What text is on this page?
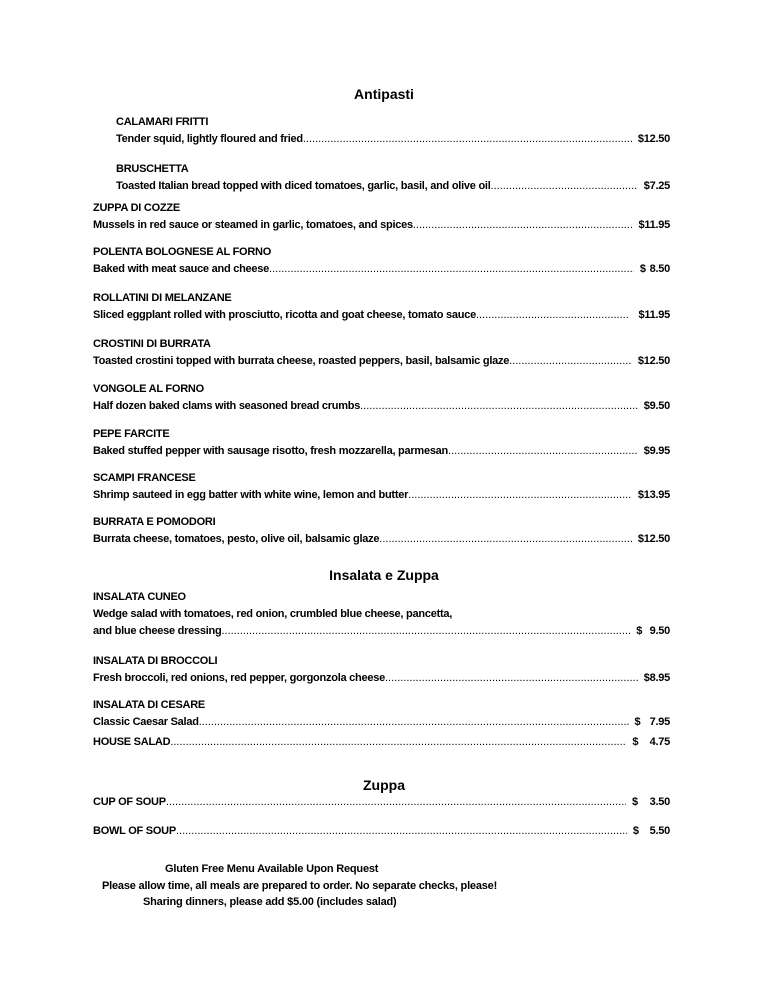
Antipasti
Insalata e Zuppa
Zuppa
CALAMARI FRITTI
Tender squid, lightly floured and fried .....	$ 12.50
BRUSCHETTA
Toasted Italian bread topped with diced tomatoes, garlic, basil, and olive oil .....	$ 7.25
ZUPPA DI COZZE
Mussels in red sauce or steamed in garlic, tomatoes, and spices .....	$ 11.95
POLENTA BOLOGNESE AL FORNO
Baked with meat sauce and cheese .....	$ 8.50
ROLLATINI DI MELANZANE
Sliced eggplant rolled with prosciutto, ricotta and goat cheese, tomato sauce .....	$11.95
CROSTINI DI BURRATA
Toasted crostini topped with burrata cheese, roasted peppers, basil, balsamic glaze .....	$ 12.50
VONGOLE AL FORNO
Half dozen baked clams with seasoned bread crumbs .....	$ 9.50
PEPE FARCITE
Baked stuffed pepper with sausage risotto, fresh mozzarella, parmesan .....	$ 9.95
SCAMPI FRANCESE
Shrimp sauteed in egg batter with white wine, lemon and butter .....	$ 13.95
BURRATA E POMODORI
Burrata cheese, tomatoes, pesto, olive oil, balsamic glaze .....	$ 12.50
INSALATA CUNEO
Wedge salad with tomatoes, red onion, crumbled blue cheese, pancetta,
and blue cheese dressing .....	$ 9.50
INSALATA DI BROCCOLI
Fresh broccoli, red onions, red pepper, gorgonzola cheese .....	$ 8.95
INSALATA DI CESARE
Classic Caesar Salad .....	$ 7.95
HOUSE SALAD .....	$ 4.75
CUP OF SOUP .....	$ 3.50
BOWL OF SOUP .....	$ 5.50
Gluten Free Menu Available Upon Request
Please allow time, all meals are prepared to order. No separate checks, please!
Sharing dinners, please add $5.00 (includes salad)
